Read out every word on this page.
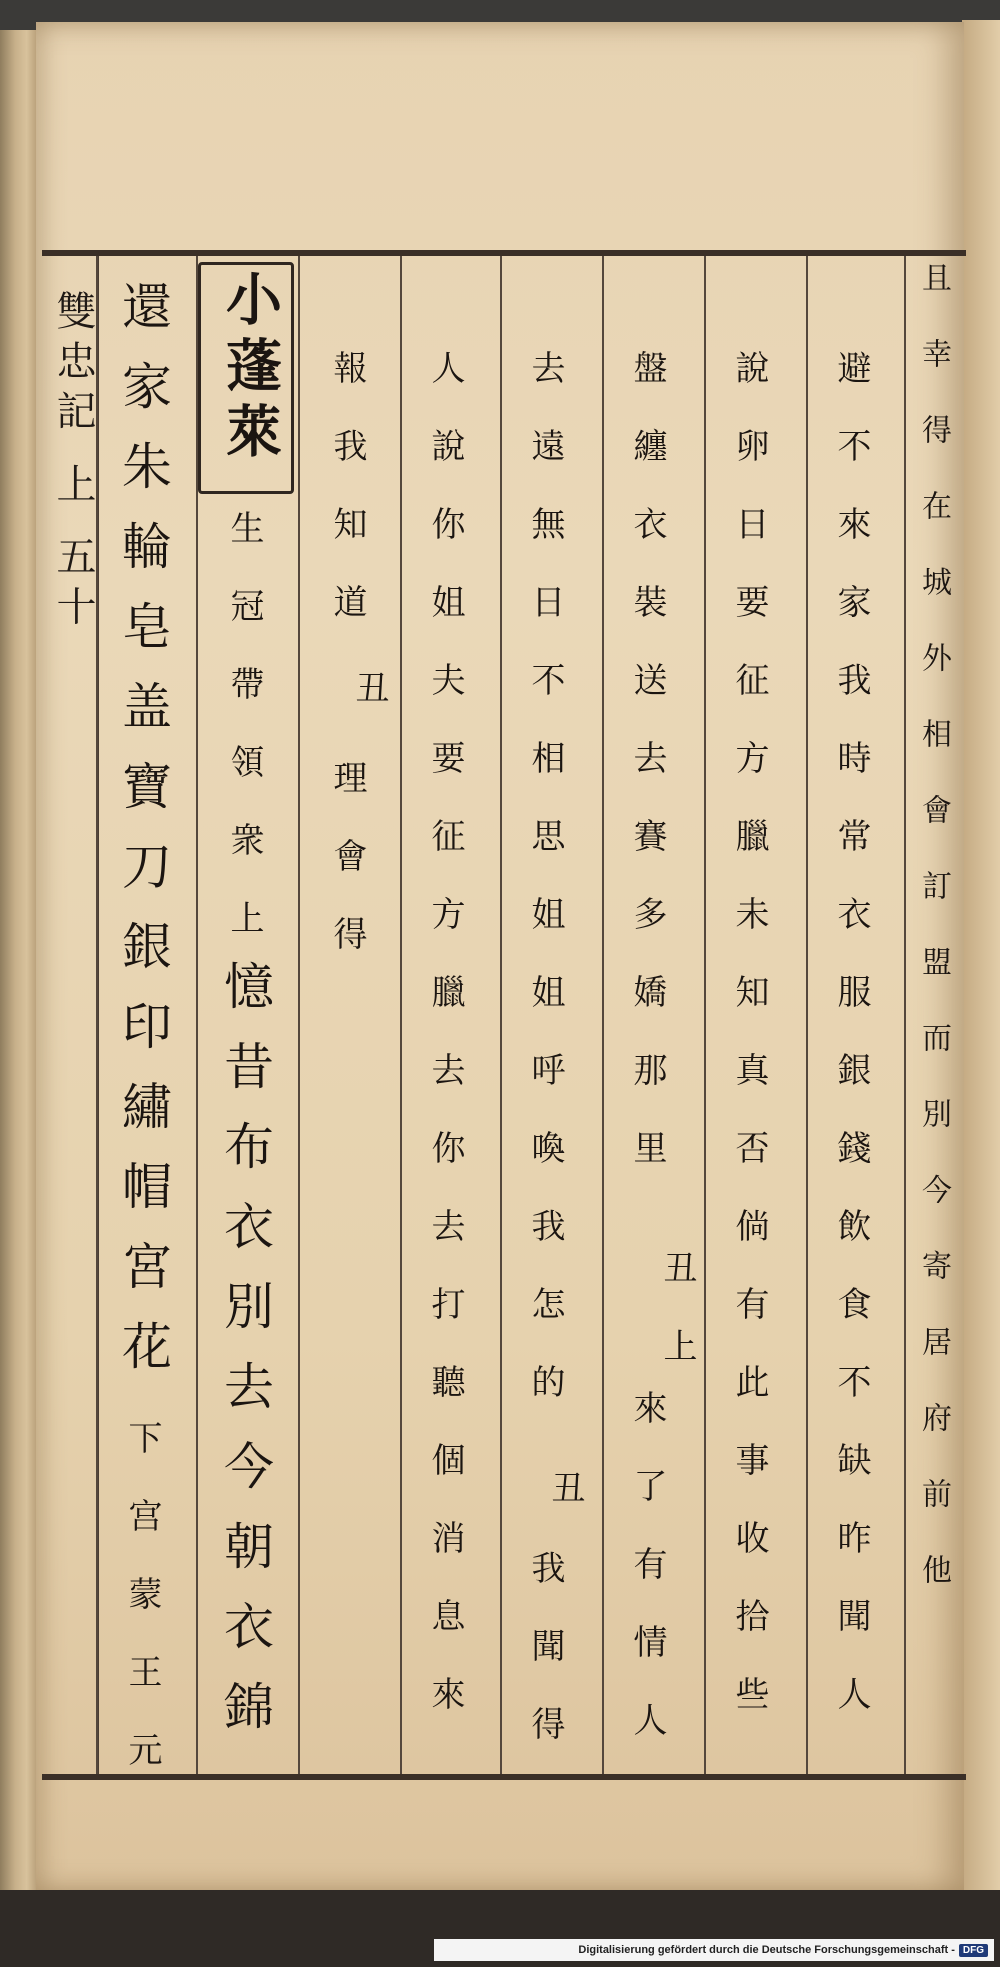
雙忠記 上 五十 還家朱輪皂盖寶刀銀印繡帽宮花
下宫蒙王元
小蓬萊
生冠帶領衆上
憶昔布衣別去今朝衣錦
報我知道
丑
理會得 人說你姐夫要征方臘去你去打聽個消息來 去遠無日不相思姐姐呼喚我怎的
丑
我聞得
盤纏衣裝送去賽多嬌那里
丑上
來了有情人 說卵日要征方臘未知真否倘有此事收拾些 避不來家我時常衣服銀錢飲食不缺昨聞人 且幸得在城外相會訂盟而別今寄居府前他
Digitalisierung gefördert durch die Deutsche Forschungsgemeinschaft - DFG
